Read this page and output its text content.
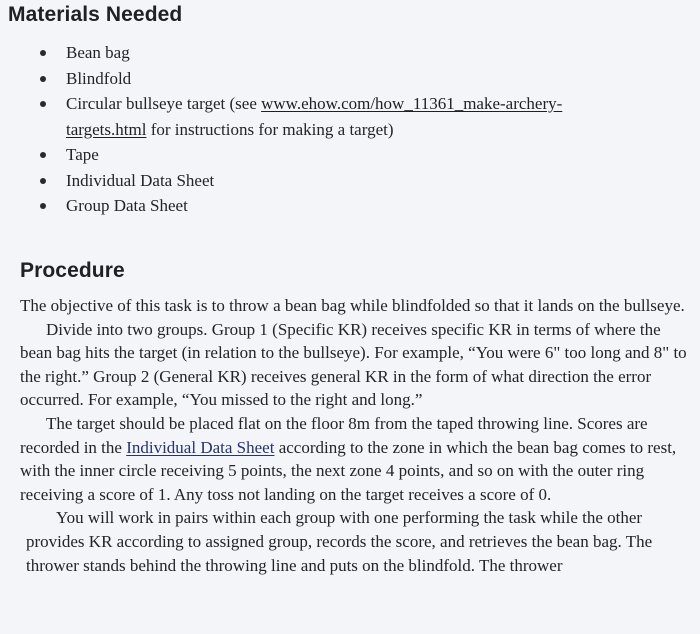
Materials Needed
Bean bag
Blindfold
Circular bullseye target (see www.ehow.com/how_11361_make-archery-targets.html for instructions for making a target)
Tape
Individual Data Sheet
Group Data Sheet
Procedure

The objective of this task is to throw a bean bag while blindfolded so that it lands on the bullseye.

Divide into two groups. Group 1 (Specific KR) receives specific KR in terms of where the bean bag hits the target (in relation to the bullseye). For example, “You were 6" too long and 8" to the right.” Group 2 (General KR) receives general KR in the form of what direction the error occurred. For example, “You missed to the right and long.”

The target should be placed flat on the floor 8m from the taped throwing line. Scores are recorded in the Individual Data Sheet according to the zone in which the bean bag comes to rest, with the inner circle receiving 5 points, the next zone 4 points, and so on with the outer ring receiving a score of 1. Any toss not landing on the target receives a score of 0.

You will work in pairs within each group with one performing the task while the other provides KR according to assigned group, records the score, and retrieves the bean bag. The thrower stands behind the throwing line and puts on the blindfold. The thrower
